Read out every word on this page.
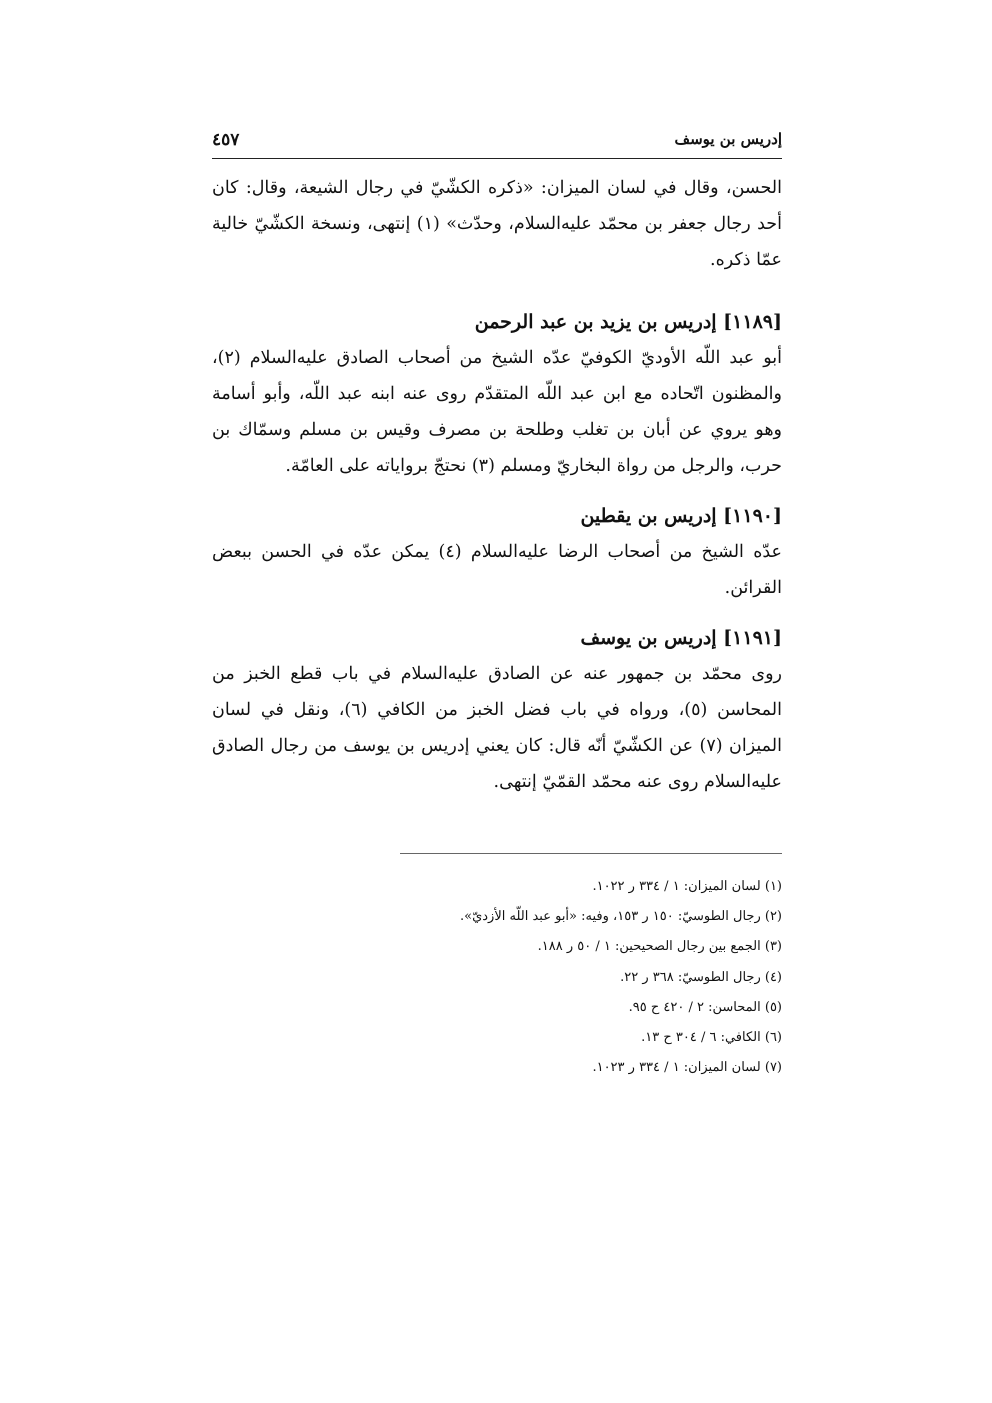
إدريس بن يوسف
٤٥٧

الحسن، وقال في لسان الميزان: «ذكره الكشّيّ في رجال الشيعة، وقال: كان أحد رجال جعفر بن محمّد عليه‌السلام، وحدّث» (١) إنتهى، ونسخة الكشّيّ خالية عمّا ذكره.

[١١٨٩] إدريس بن يزيد بن عبد الرحمن

أبو عبد اللّه الأوديّ الكوفيّ عدّه الشيخ من أصحاب الصادق عليه‌السلام (٢)، والمظنون اتّحاده مع ابن عبد اللّه المتقدّم روى عنه ابنه عبد اللّه، وأبو أسامة وهو يروي عن أبان بن تغلب وطلحة بن مصرف وقيس بن مسلم وسمّاك بن حرب، والرجل من رواة البخاريّ ومسلم (٣) نحتجّ برواياته على العامّة.

[١١٩٠] إدريس بن يقطين

عدّه الشيخ من أصحاب الرضا عليه‌السلام (٤) يمكن عدّه في الحسن ببعض القرائن.

[١١٩١] إدريس بن يوسف

روى محمّد بن جمهور عنه عن الصادق عليه‌السلام في باب قطع الخبز من المحاسن (٥)، ورواه في باب فضل الخبز من الكافي (٦)، ونقل في لسان الميزان (٧) عن الكشّيّ أنّه قال: كان يعني إدريس بن يوسف من رجال الصادق عليه‌السلام روى عنه محمّد القمّيّ إنتهى.

(١) لسان الميزان: ١ / ٣٣٤ ر ١٠٢٢.
(٢) رجال الطوسيّ: ١٥٠ ر ١٥٣، وفيه: «أبو عبد اللّه الأزديّ».
(٣) الجمع بين رجال الصحيحين: ١ / ٥٠ ر ١٨٨.
(٤) رجال الطوسيّ: ٣٦٨ ر ٢٢.
(٥) المحاسن: ٢ / ٤٢٠ ح ٩٥.
(٦) الكافي: ٦ / ٣٠٤ ح ١٣.
(٧) لسان الميزان: ١ / ٣٣٤ ر ١٠٢٣.
